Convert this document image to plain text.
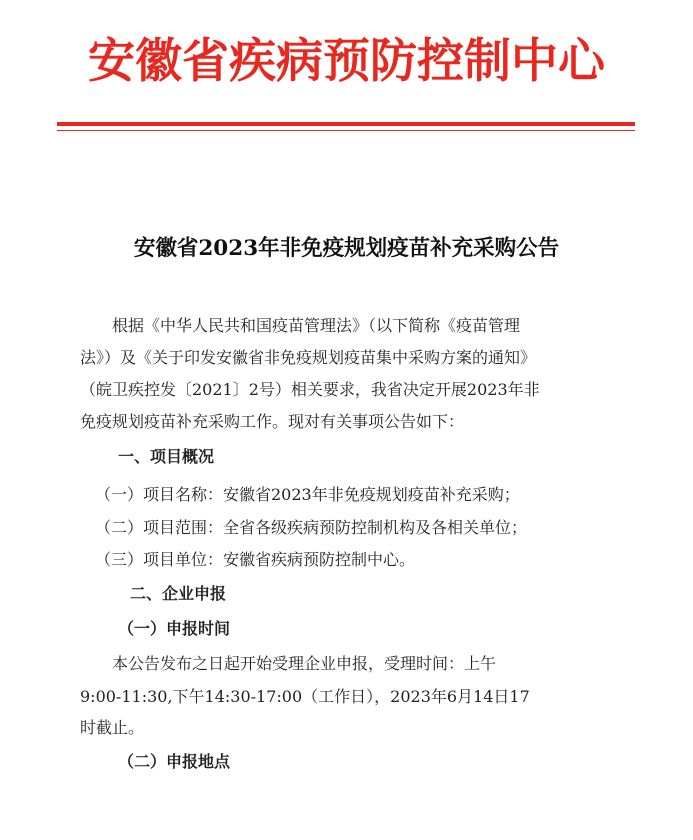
安徽省疾病预防控制中心
安徽省2023年非免疫规划疫苗补充采购公告
根据《中华人民共和国疫苗管理法》（以下简称《疫苗管理
法》）及《关于印发安徽省非免疫规划疫苗集中采购方案的通知》
（皖卫疾控发〔2021〕2号）相关要求，我省决定开展2023年非
免疫规划疫苗补充采购工作。现对有关事项公告如下：
一、项目概况
（一）项目名称：安徽省2023年非免疫规划疫苗补充采购；
（二）项目范围：全省各级疾病预防控制机构及各相关单位；
（三）项目单位：安徽省疾病预防控制中心。
二、企业申报
（一）申报时间
本公告发布之日起开始受理企业申报，受理时间：上午
9:00-11:30,下午14:30-17:00（工作日），2023年6月14日17
时截止。
（二）申报地点
